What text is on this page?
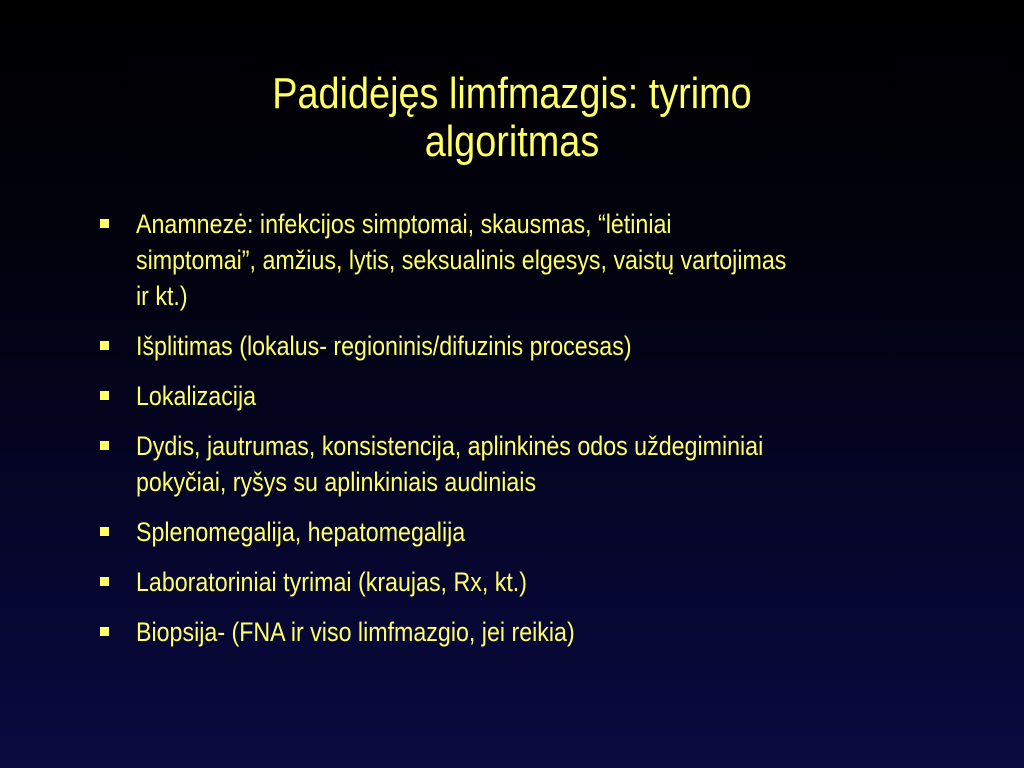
Padidėjęs limfmazgis: tyrimo
algoritmas
Anamnezė: infekcijos simptomai, skausmas, “lėtiniai
simptomai”, amžius, lytis, seksualinis elgesys, vaistų vartojimas
ir kt.)
Išplitimas (lokalus- regioninis/difuzinis procesas)
Lokalizacija
Dydis, jautrumas, konsistencija, aplinkinės odos uždegiminiai
pokyčiai, ryšys su aplinkiniais audiniais
Splenomegalija, hepatomegalija
Laboratoriniai tyrimai (kraujas, Rx, kt.)
Biopsija- (FNA ir viso limfmazgio, jei reikia)
